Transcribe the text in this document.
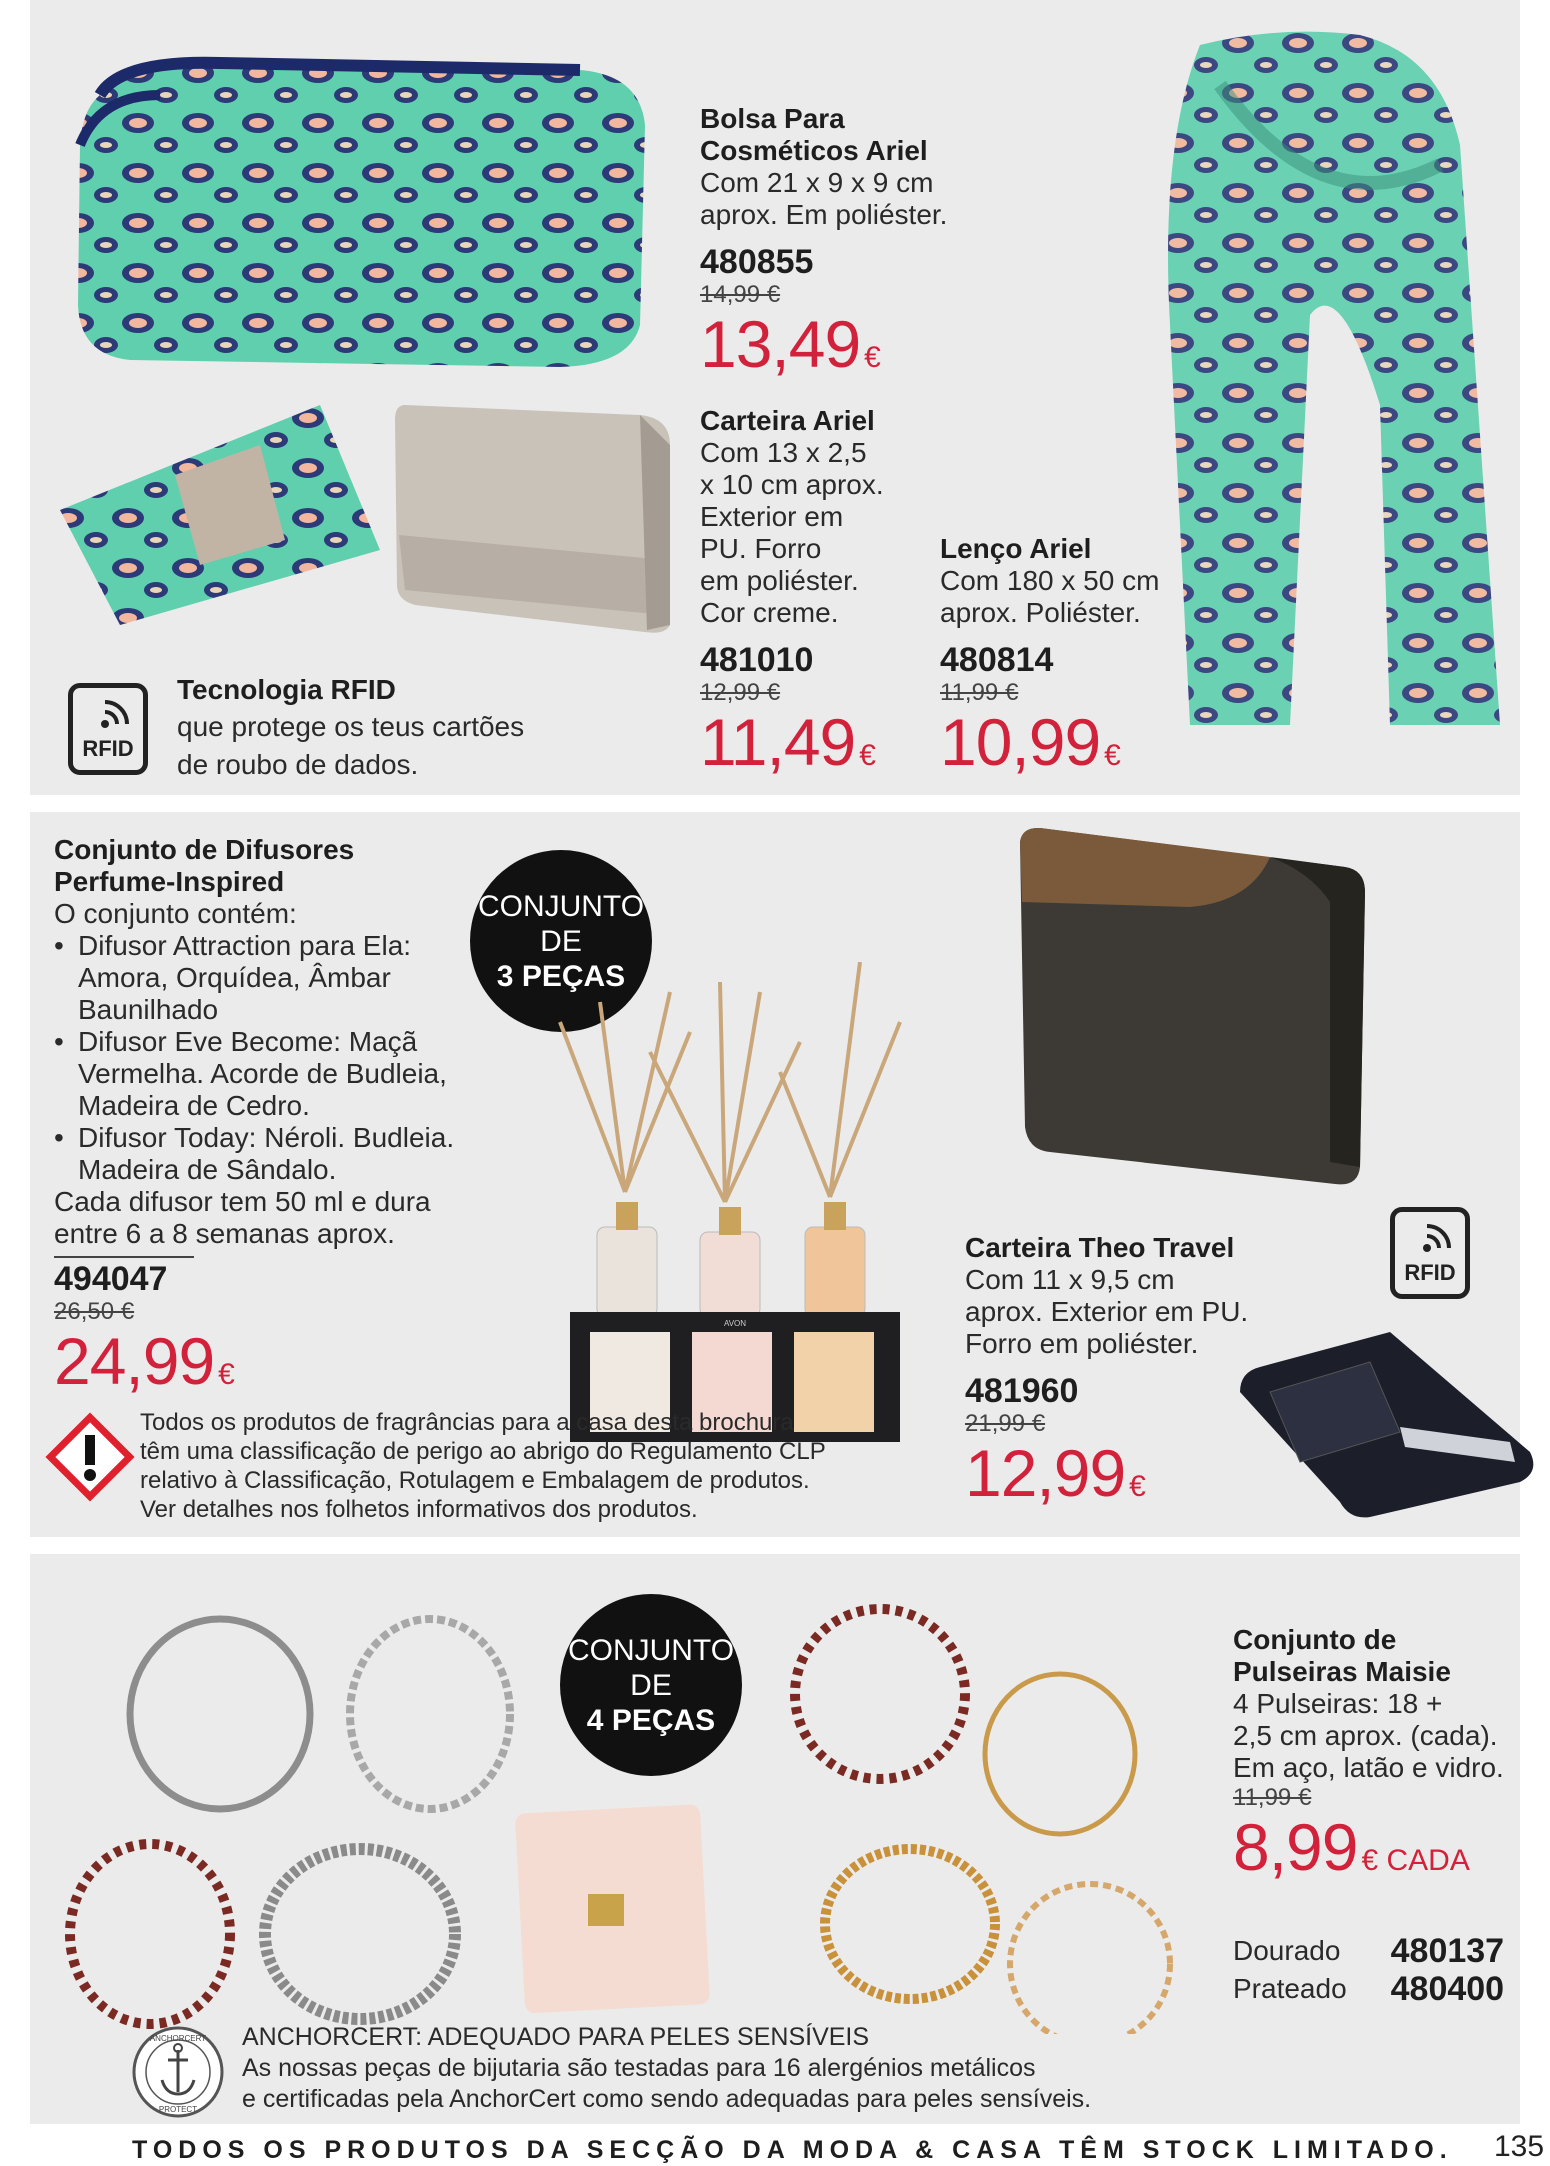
Bolsa Para
Cosméticos Ariel
Com 21 x 9 x 9 cm
aprox. Em poliéster.
480855
14,99 €
13,49 €
Carteira Ariel
Com 13 x 2,5
x 10 cm aprox.
Exterior em
PU. Forro
em poliéster.
Cor creme.
481010
12,99 €
11,49 €
Lenço Ariel
Com 180 x 50 cm
aprox. Poliéster.
480814
11,99 €
10,99 €
RFID
Tecnologia RFID
que protege os teus cartões
de roubo de dados.
Conjunto de Difusores
Perfume-Inspired
O conjunto contém:
• Difusor Attraction para Ela: Amora, Orquídea, Âmbar Baunilhado
• Difusor Eve Become: Maçã Vermelha. Acorde de Budleia, Madeira de Cedro.
• Difusor Today: Néroli. Budleia. Madeira de Sândalo.
Cada difusor tem 50 ml e dura
entre 6 a 8 semanas aprox.
494047
26,50 €
24,99 €
CONJUNTO
DE
3 PEÇAS
AVON
Todos os produtos de fragrâncias para a casa desta brochura
têm uma classificação de perigo ao abrigo do Regulamento CLP
relativo à Classificação, Rotulagem e Embalagem de produtos.
Ver detalhes nos folhetos informativos dos produtos.
RFID
Carteira Theo Travel
Com 11 x 9,5 cm
aprox. Exterior em PU.
Forro em poliéster.
481960
21,99 €
12,99 €
CONJUNTO
DE
4 PEÇAS
Conjunto de
Pulseiras Maisie
4 Pulseiras: 18 +
2,5 cm aprox. (cada).
Em aço, latão e vidro.
11,99 €
8,99 € CADA
Dourado	480137
Prateado	480400
ANCHORCERT
PROTECT
ANCHORCERT: ADEQUADO PARA PELES SENSÍVEIS
As nossas peças de bijutaria são testadas para 16 alergénios metálicos
e certificadas pela AnchorCert como sendo adequadas para peles sensíveis.
TODOS OS PRODUTOS DA SECÇÃO DA MODA & CASA TÊM STOCK LIMITADO. 135
